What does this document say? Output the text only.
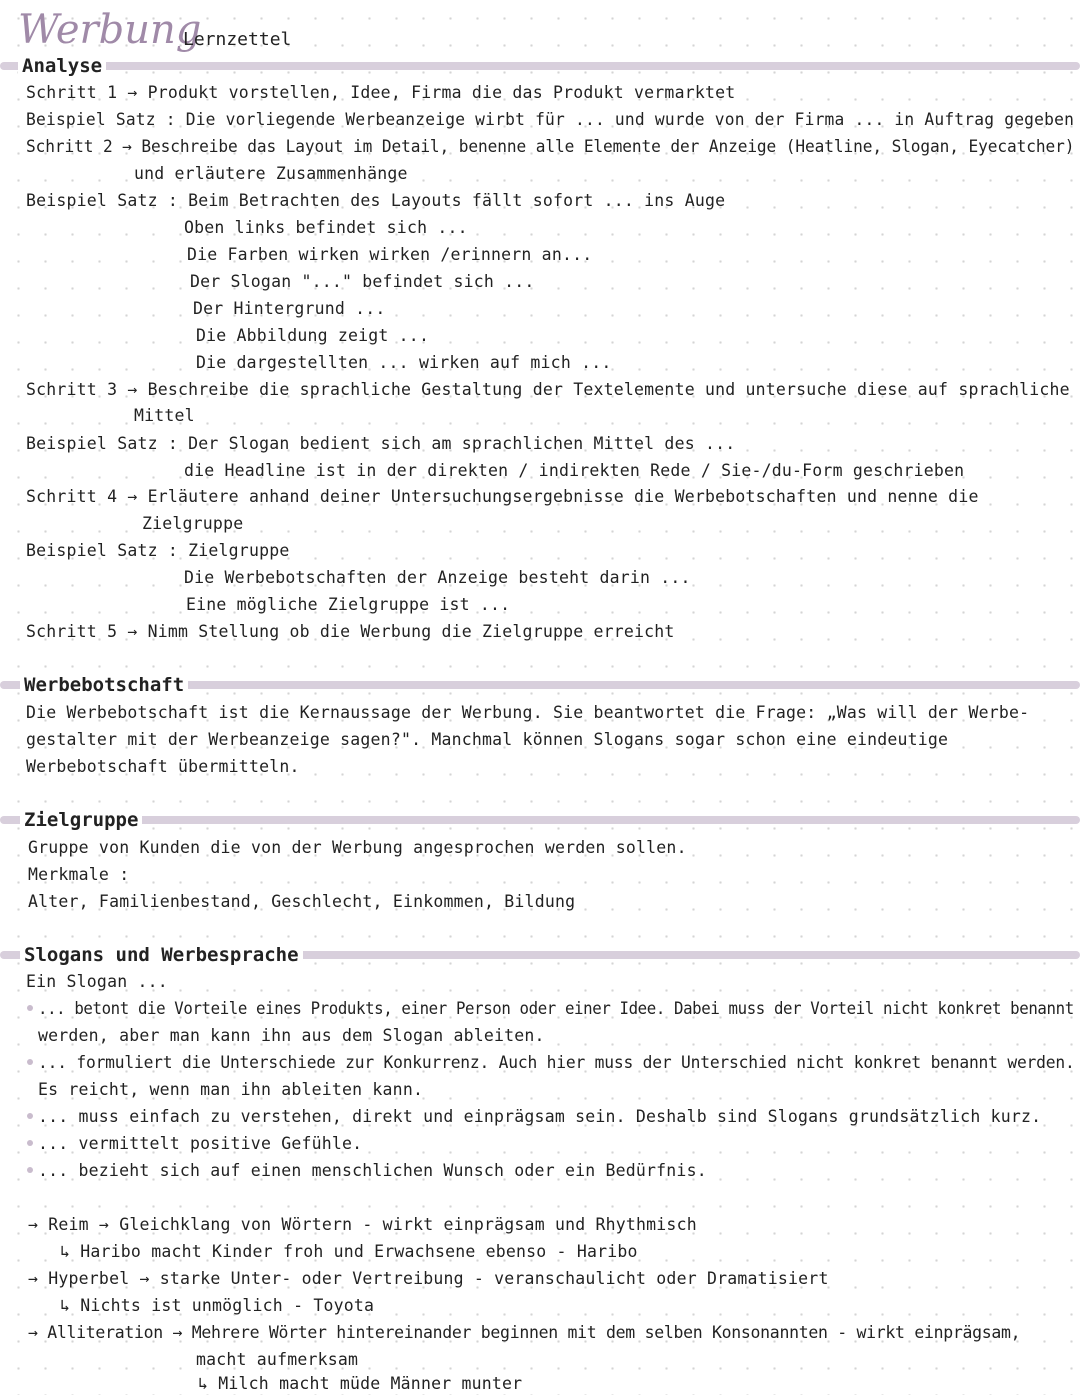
Werbung
Lernzettel
Analyse
Schritt 1 → Produkt vorstellen, Idee, Firma die das Produkt vermarktet
Beispiel Satz : Die vorliegende Werbeanzeige wirbt für ... und wurde von der Firma ... in Auftrag gegeben
Schritt 2 → Beschreibe das Layout im Detail, benenne alle Elemente der Anzeige (Heatline, Slogan, Eyecatcher)
und erläutere Zusammenhänge
Beispiel Satz : Beim Betrachten des Layouts fällt sofort ... ins Auge
Oben links befindet sich ...
Die Farben wirken wirken /erinnern an...
Der Slogan "..." befindet sich ...
Der Hintergrund ...
Die Abbildung zeigt ...
Die dargestellten ... wirken auf mich ...
Schritt 3 → Beschreibe die sprachliche Gestaltung der Textelemente und untersuche diese auf sprachliche
Mittel
Beispiel Satz : Der Slogan bedient sich am sprachlichen Mittel des ...
die Headline ist in der direkten / indirekten Rede / Sie-/du-Form geschrieben
Schritt 4 → Erläutere anhand deiner Untersuchungsergebnisse die Werbebotschaften und nenne die
Zielgruppe
Beispiel Satz : Zielgruppe
Die Werbebotschaften der Anzeige besteht darin ...
Eine mögliche Zielgruppe ist ...
Schritt 5 → Nimm Stellung ob die Werbung die Zielgruppe erreicht
Werbebotschaft
Die Werbebotschaft ist die Kernaussage der Werbung. Sie beantwortet die Frage: „Was will der Werbe-
gestalter mit der Werbeanzeige sagen?". Manchmal können Slogans sogar schon eine eindeutige
Werbebotschaft übermitteln.
Zielgruppe
Gruppe von Kunden die von der Werbung angesprochen werden sollen.
Merkmale :
Alter, Familienbestand, Geschlecht, Einkommen, Bildung
Slogans und Werbesprache
Ein Slogan ...
... betont die Vorteile eines Produkts, einer Person oder einer Idee. Dabei muss der Vorteil nicht konkret benannt
werden, aber man kann ihn aus dem Slogan ableiten.
... formuliert die Unterschiede zur Konkurrenz. Auch hier muss der Unterschied nicht konkret benannt werden.
Es reicht, wenn man ihn ableiten kann.
... muss einfach zu verstehen, direkt und einprägsam sein. Deshalb sind Slogans grundsätzlich kurz.
... vermittelt positive Gefühle.
... bezieht sich auf einen menschlichen Wunsch oder ein Bedürfnis.
→ Reim → Gleichklang von Wörtern - wirkt einprägsam und Rhythmisch
↳ Haribo macht Kinder froh und Erwachsene ebenso - Haribo
→ Hyperbel → starke Unter- oder Vertreibung - veranschaulicht oder Dramatisiert
↳ Nichts ist unmöglich - Toyota
→ Alliteration → Mehrere Wörter hintereinander beginnen mit dem selben Konsonannten - wirkt einprägsam,
macht aufmerksam
↳ Milch macht müde Männer munter
